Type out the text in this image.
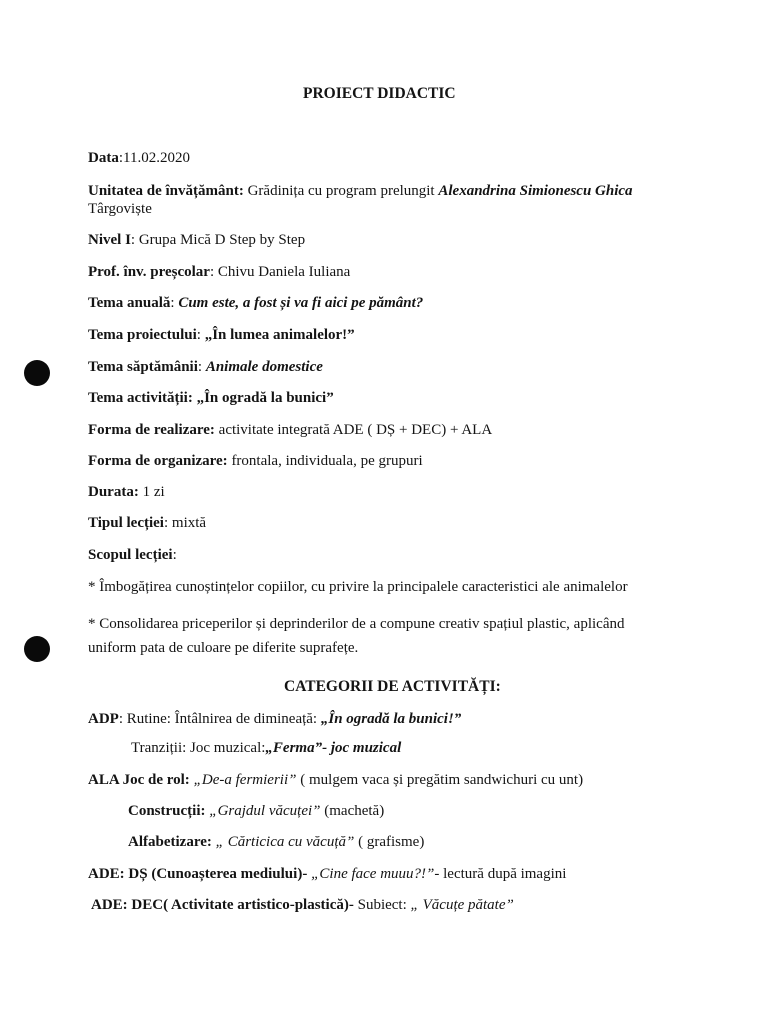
PROIECT DIDACTIC
Data:11.02.2020
Unitatea de învățământ: Grădinița cu program prelungit Alexandrina Simionescu Ghica
Târgoviște
Nivel I: Grupa Mică D Step by Step
Prof. înv. preșcolar: Chivu Daniela Iuliana
Tema anuală: Cum este, a fost și va fi aici pe pământ?
Tema proiectului: „În lumea animalelor!”
Tema săptămânii: Animale domestice
Tema activității: „În ogradă la bunici”
Forma de realizare: activitate integrată ADE ( DȘ + DEC) + ALA
Forma de organizare: frontala, individuala, pe grupuri
Durata: 1 zi
Tipul lecției: mixtă
Scopul lecției:
* Îmbogățirea cunoștințelor copiilor, cu privire la principalele caracteristici ale animalelor
* Consolidarea priceperilor și deprinderilor de a compune creativ spațiul plastic, aplicând
uniform pata de culoare pe diferite suprafețe.
CATEGORII DE ACTIVITĂȚI:
ADP: Rutine: Întâlnirea de dimineață: „În ogradă la bunici!”
Tranziții: Joc muzical:„Ferma”- joc muzical
ALA Joc de rol: „De-a fermierii” ( mulgem vaca și pregătim sandwichuri cu unt)
Construcții: „Grajdul văcuței” (machetă)
Alfabetizare: „ Cărticica cu văcuță” ( grafisme)
ADE: DȘ (Cunoașterea mediului)- „Cine face muuu?!”- lectură după imagini
ADE: DEC( Activitate artistico-plastică)- Subiect: „ Văcuțe pătate”
